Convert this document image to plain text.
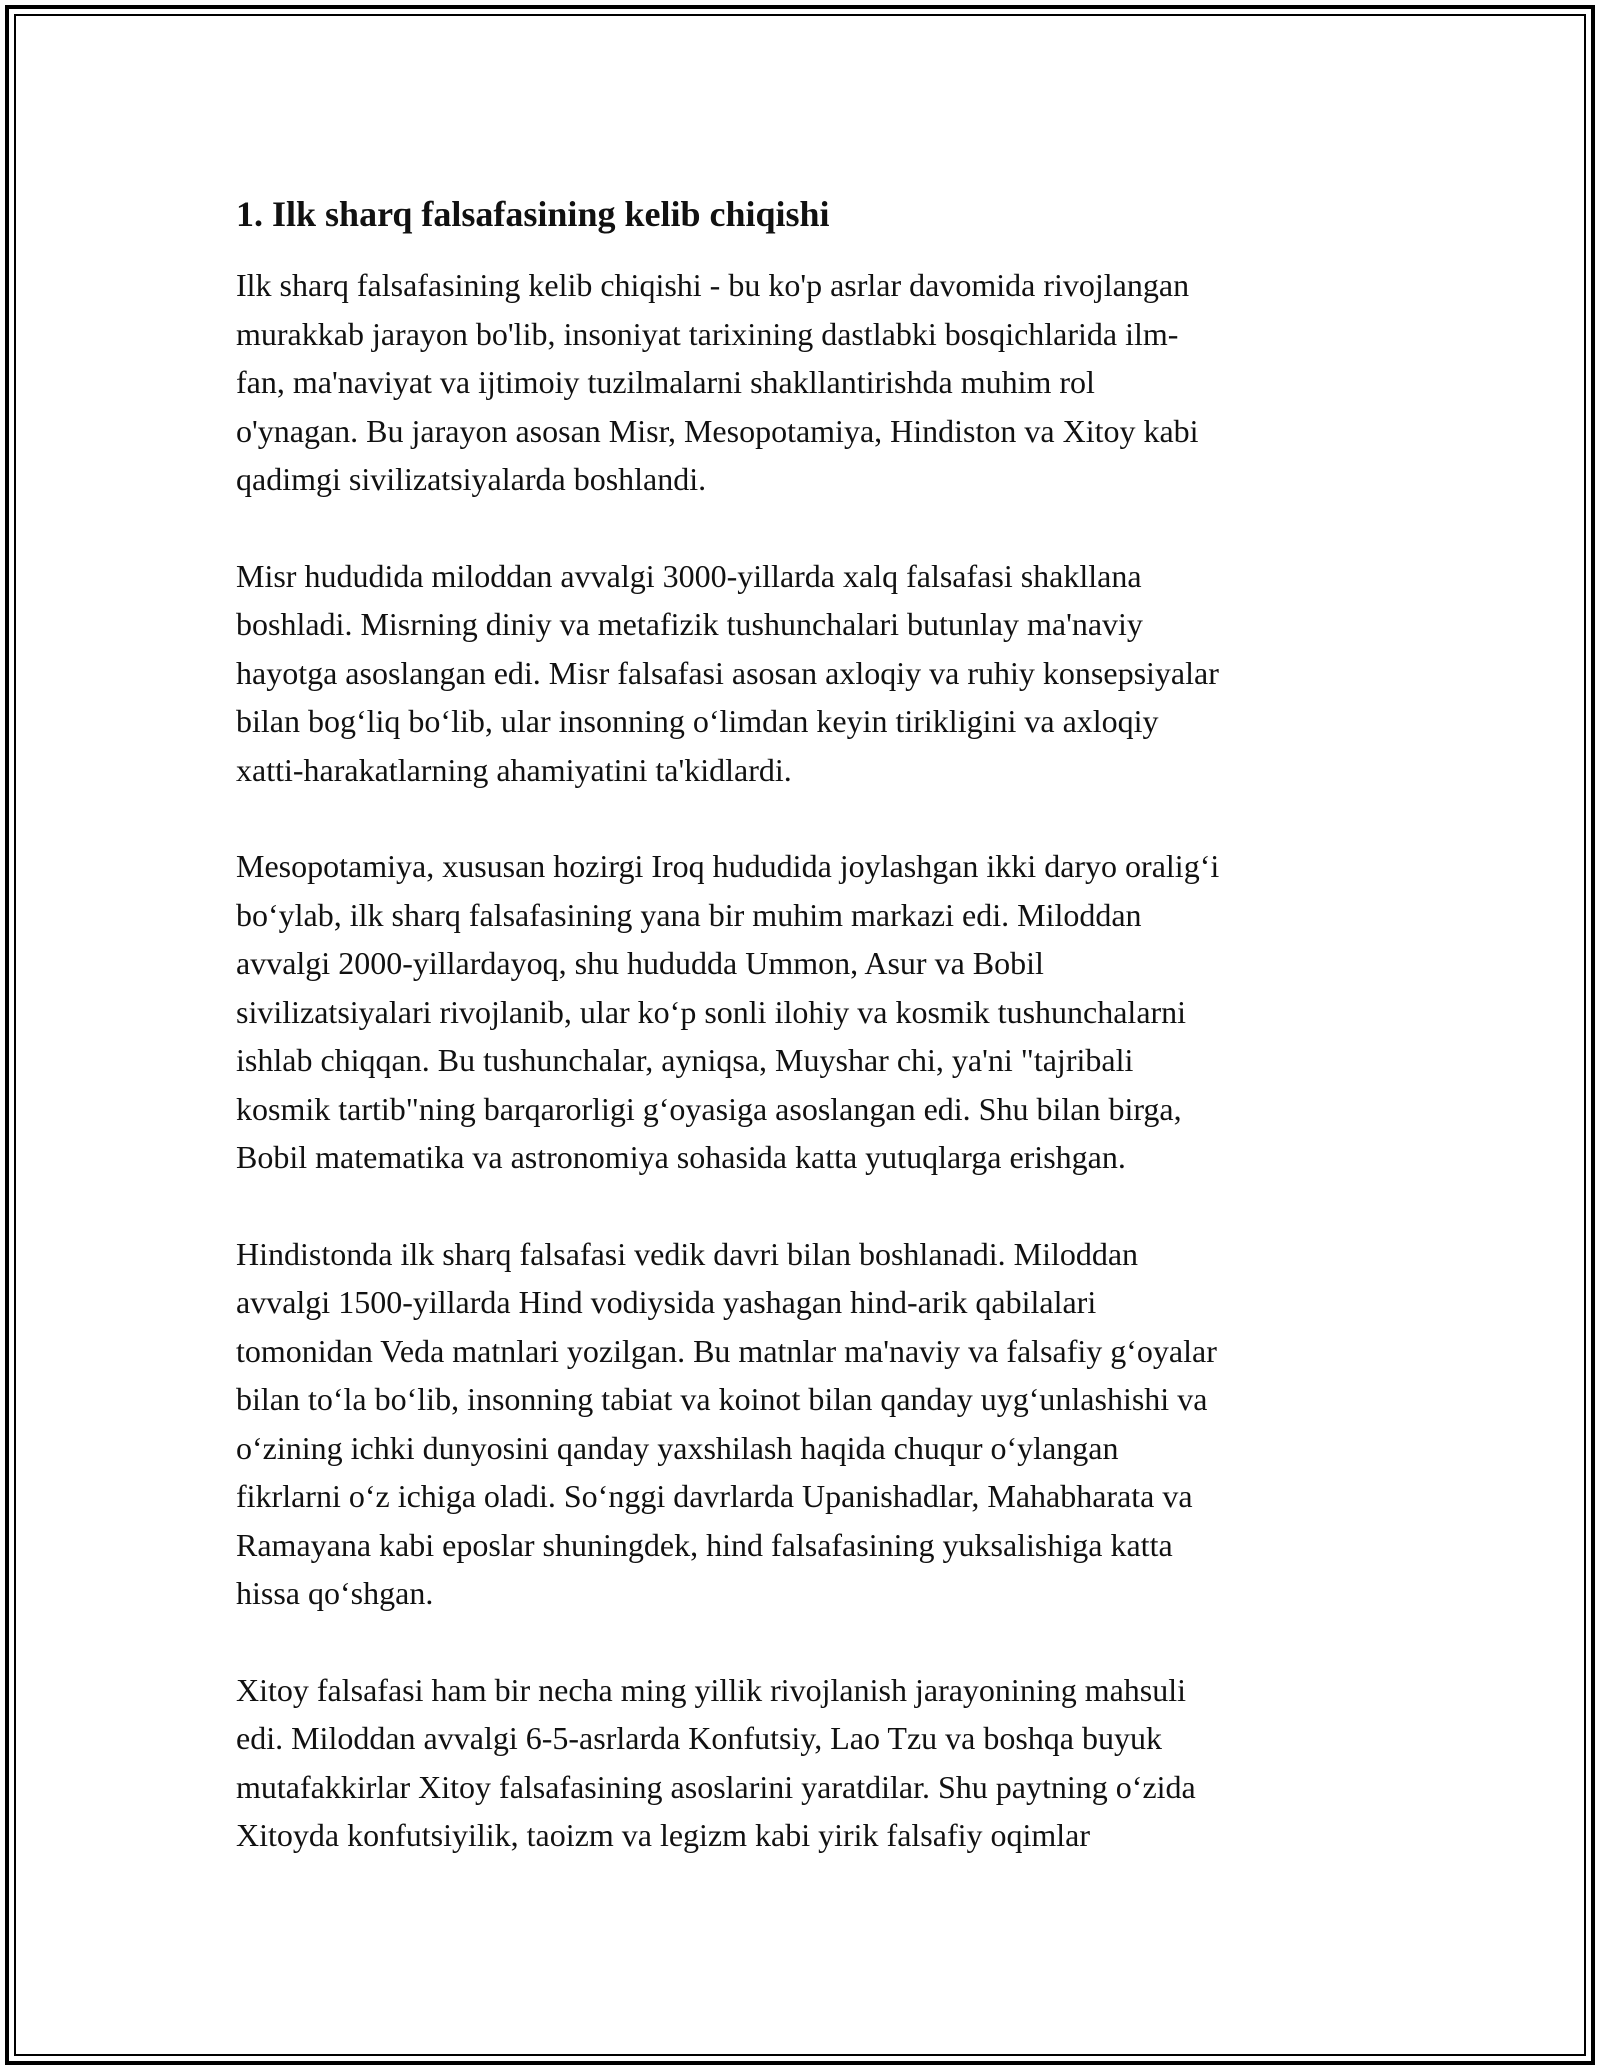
1. Ilk sharq falsafasining kelib chiqishi

Ilk sharq falsafasining kelib chiqishi - bu ko'p asrlar davomida rivojlangan
murakkab jarayon bo'lib, insoniyat tarixining dastlabki bosqichlarida ilm-
fan, ma'naviyat va ijtimoiy tuzilmalarni shakllantirishda muhim rol
o'ynagan. Bu jarayon asosan Misr, Mesopotamiya, Hindiston va Xitoy kabi
qadimgi sivilizatsiyalarda boshlandi.

Misr hududida miloddan avvalgi 3000-yillarda xalq falsafasi shakllana
boshladi. Misrning diniy va metafizik tushunchalari butunlay ma'naviy
hayotga asoslangan edi. Misr falsafasi asosan axloqiy va ruhiy konsepsiyalar
bilan bog‘liq bo‘lib, ular insonning o‘limdan keyin tirikligini va axloqiy
xatti-harakatlarning ahamiyatini ta'kidlardi.

Mesopotamiya, xususan hozirgi Iroq hududida joylashgan ikki daryo oralig‘i
bo‘ylab, ilk sharq falsafasining yana bir muhim markazi edi. Miloddan
avvalgi 2000-yillardayoq, shu hududda Ummon, Asur va Bobil
sivilizatsiyalari rivojlanib, ular ko‘p sonli ilohiy va kosmik tushunchalarni
ishlab chiqqan. Bu tushunchalar, ayniqsa, Muyshar chi, ya'ni "tajribali
kosmik tartib"ning barqarorligi g‘oyasiga asoslangan edi. Shu bilan birga,
Bobil matematika va astronomiya sohasida katta yutuqlarga erishgan.

Hindistonda ilk sharq falsafasi vedik davri bilan boshlanadi. Miloddan
avvalgi 1500-yillarda Hind vodiysida yashagan hind-arik qabilalari
tomonidan Veda matnlari yozilgan. Bu matnlar ma'naviy va falsafiy g‘oyalar
bilan to‘la bo‘lib, insonning tabiat va koinot bilan qanday uyg‘unlashishi va
o‘zining ichki dunyosini qanday yaxshilash haqida chuqur o‘ylangan
fikrlarni o‘z ichiga oladi. So‘nggi davrlarda Upanishadlar, Mahabharata va
Ramayana kabi eposlar shuningdek, hind falsafasining yuksalishiga katta
hissa qo‘shgan.

Xitoy falsafasi ham bir necha ming yillik rivojlanish jarayonining mahsuli
edi. Miloddan avvalgi 6-5-asrlarda Konfutsiy, Lao Tzu va boshqa buyuk
mutafakkirlar Xitoy falsafasining asoslarini yaratdilar. Shu paytning o‘zida
Xitoyda konfutsiyilik, taoizm va legizm kabi yirik falsafiy oqimlar
